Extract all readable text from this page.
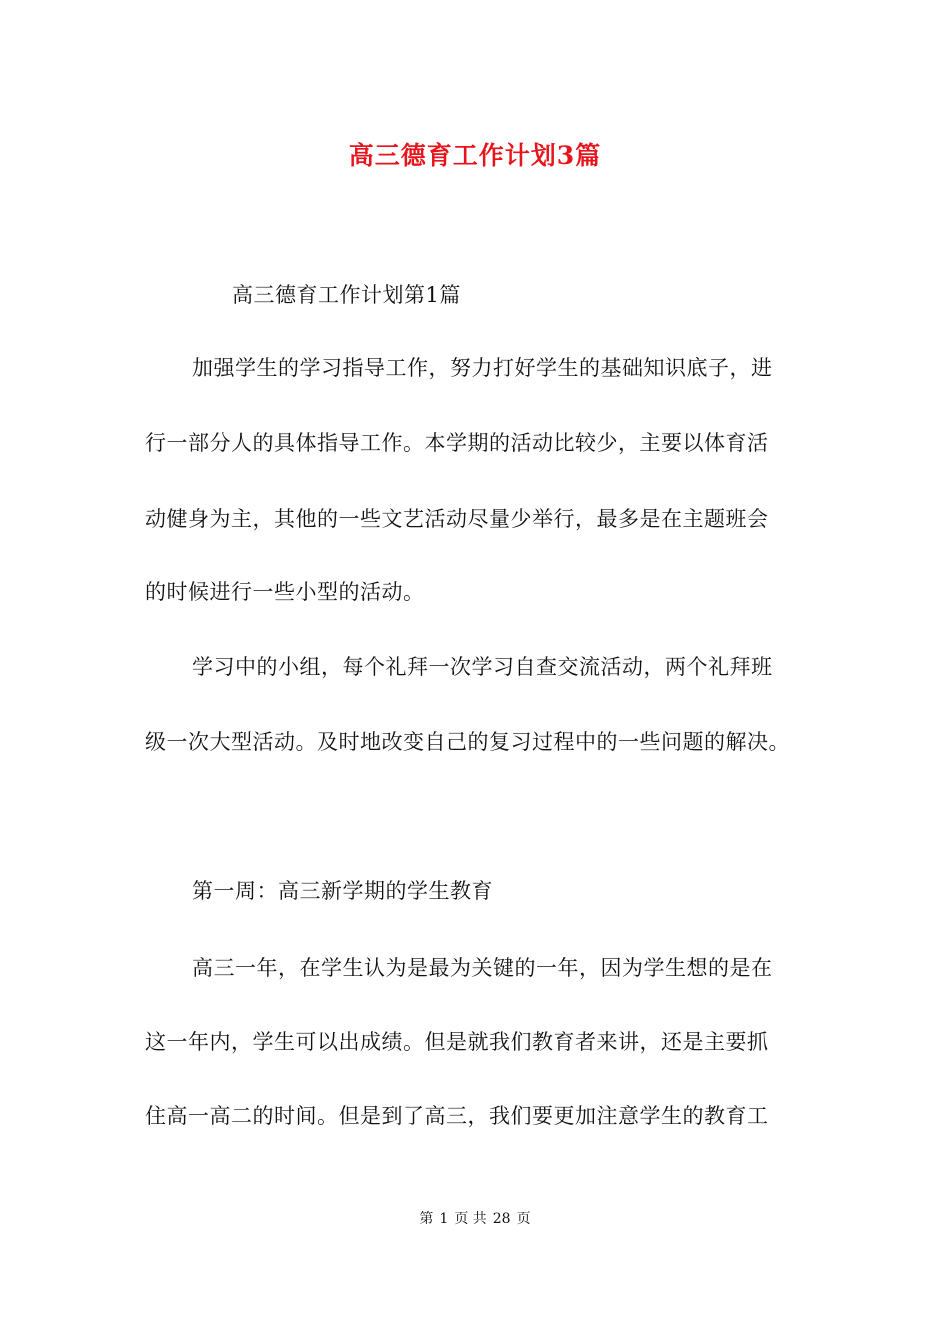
高三德育工作计划3篇
高三德育工作计划第1篇
加强学生的学习指导工作，努力打好学生的基础知识底子，进
行一部分人的具体指导工作。本学期的活动比较少，主要以体育活
动健身为主，其他的一些文艺活动尽量少举行，最多是在主题班会
的时候进行一些小型的活动。
学习中的小组，每个礼拜一次学习自查交流活动，两个礼拜班
级一次大型活动。及时地改变自己的复习过程中的一些问题的解决。
第一周：高三新学期的学生教育
高三一年，在学生认为是最为关键的一年，因为学生想的是在
这一年内，学生可以出成绩。但是就我们教育者来讲，还是主要抓
住高一高二的时间。但是到了高三，我们要更加注意学生的教育工
第 1 页 共 28 页
